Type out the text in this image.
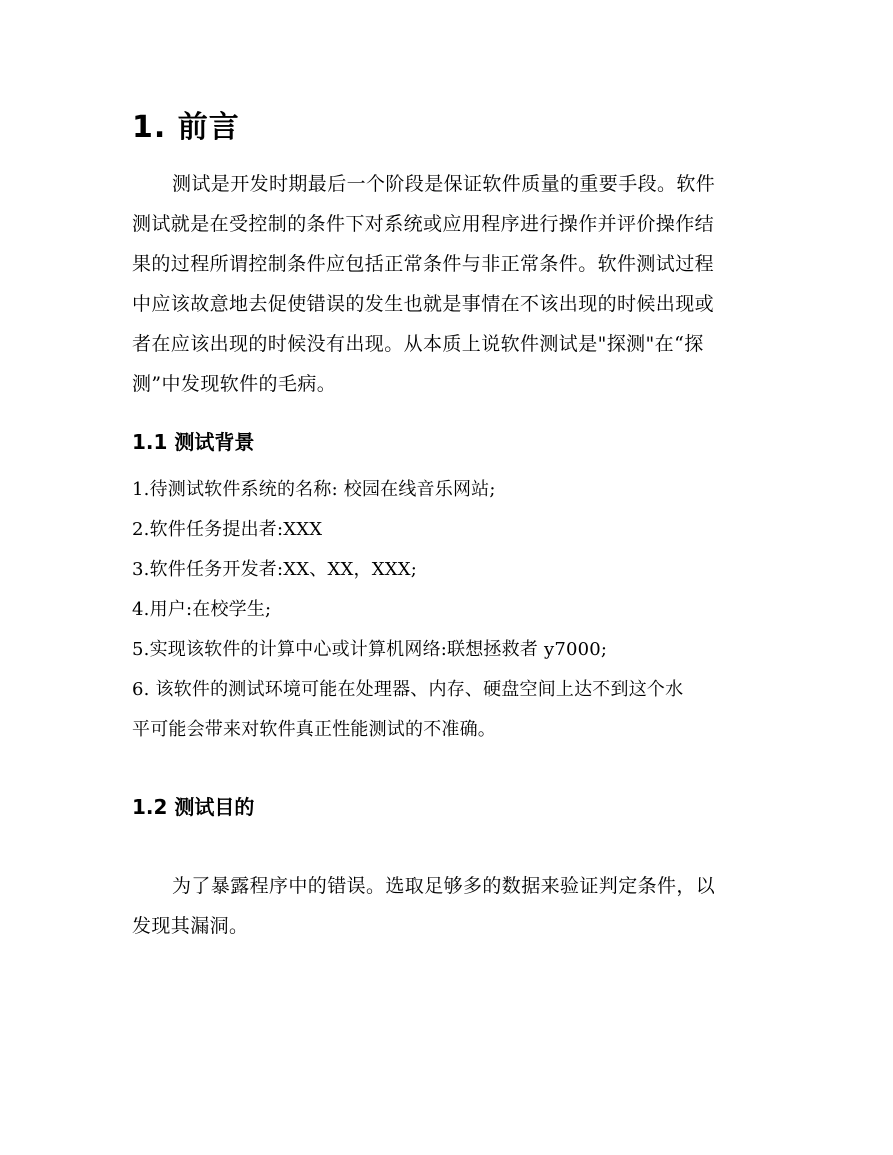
1. 前言
测试是开发时期最后一个阶段是保证软件质量的重要手段。软件
测试就是在受控制的条件下对系统或应用程序进行操作并评价操作结
果的过程所谓控制条件应包括正常条件与非正常条件。软件测试过程
中应该故意地去促使错误的发生也就是事情在不该出现的时候出现或
者在应该出现的时候没有出现。从本质上说软件测试是"探测"在“探
测”中发现软件的毛病。
1.1 测试背景
1.待测试软件系统的名称: 校园在线音乐网站;
2.软件任务提出者:XXX
3.软件任务开发者:XX、XX，XXX;
4.用户:在校学生;
5.实现该软件的计算中心或计算机网络:联想拯救者 y7000;
6. 该软件的测试环境可能在处理器、内存、硬盘空间上达不到这个水
平可能会带来对软件真正性能测试的不准确。
1.2 测试目的
为了暴露程序中的错误。选取足够多的数据来验证判定条件，以
发现其漏洞。
